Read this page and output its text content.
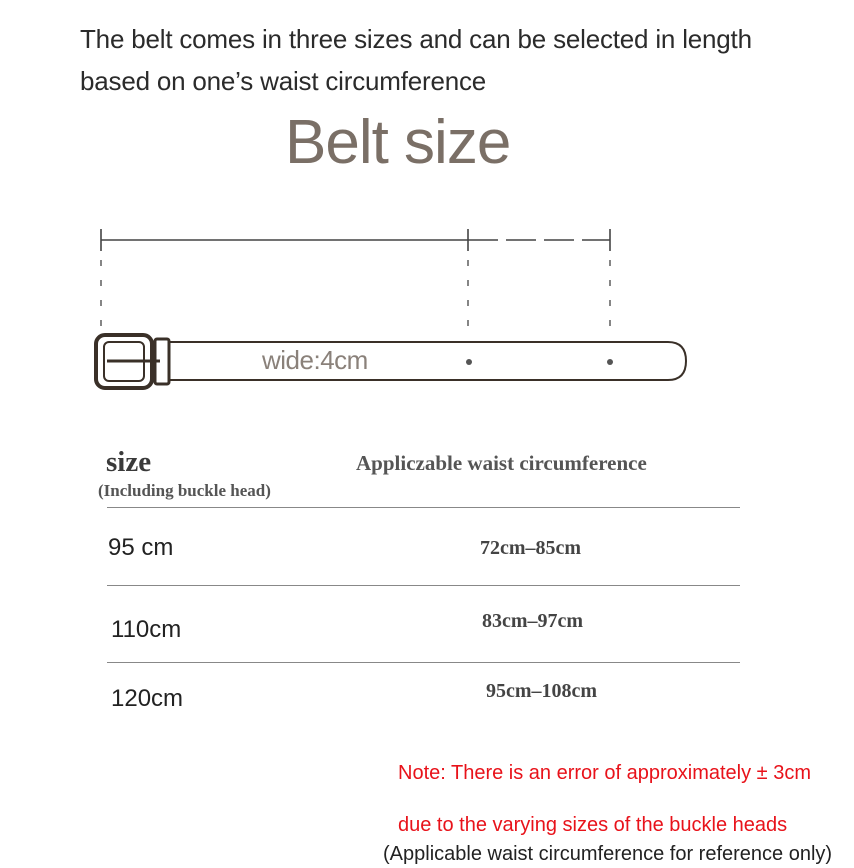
The belt comes in three sizes and can be selected in length
based on one’s waist circumference
Belt size
wide:4cm
size
(Including buckle head)
Appliczable waist circumference
95 cm	72cm–85cm
110cm	83cm–97cm
120cm	95cm–108cm
Note: There is an error of approximately ± 3cm
due to the varying sizes of the buckle heads
(Applicable waist circumference for reference only)
